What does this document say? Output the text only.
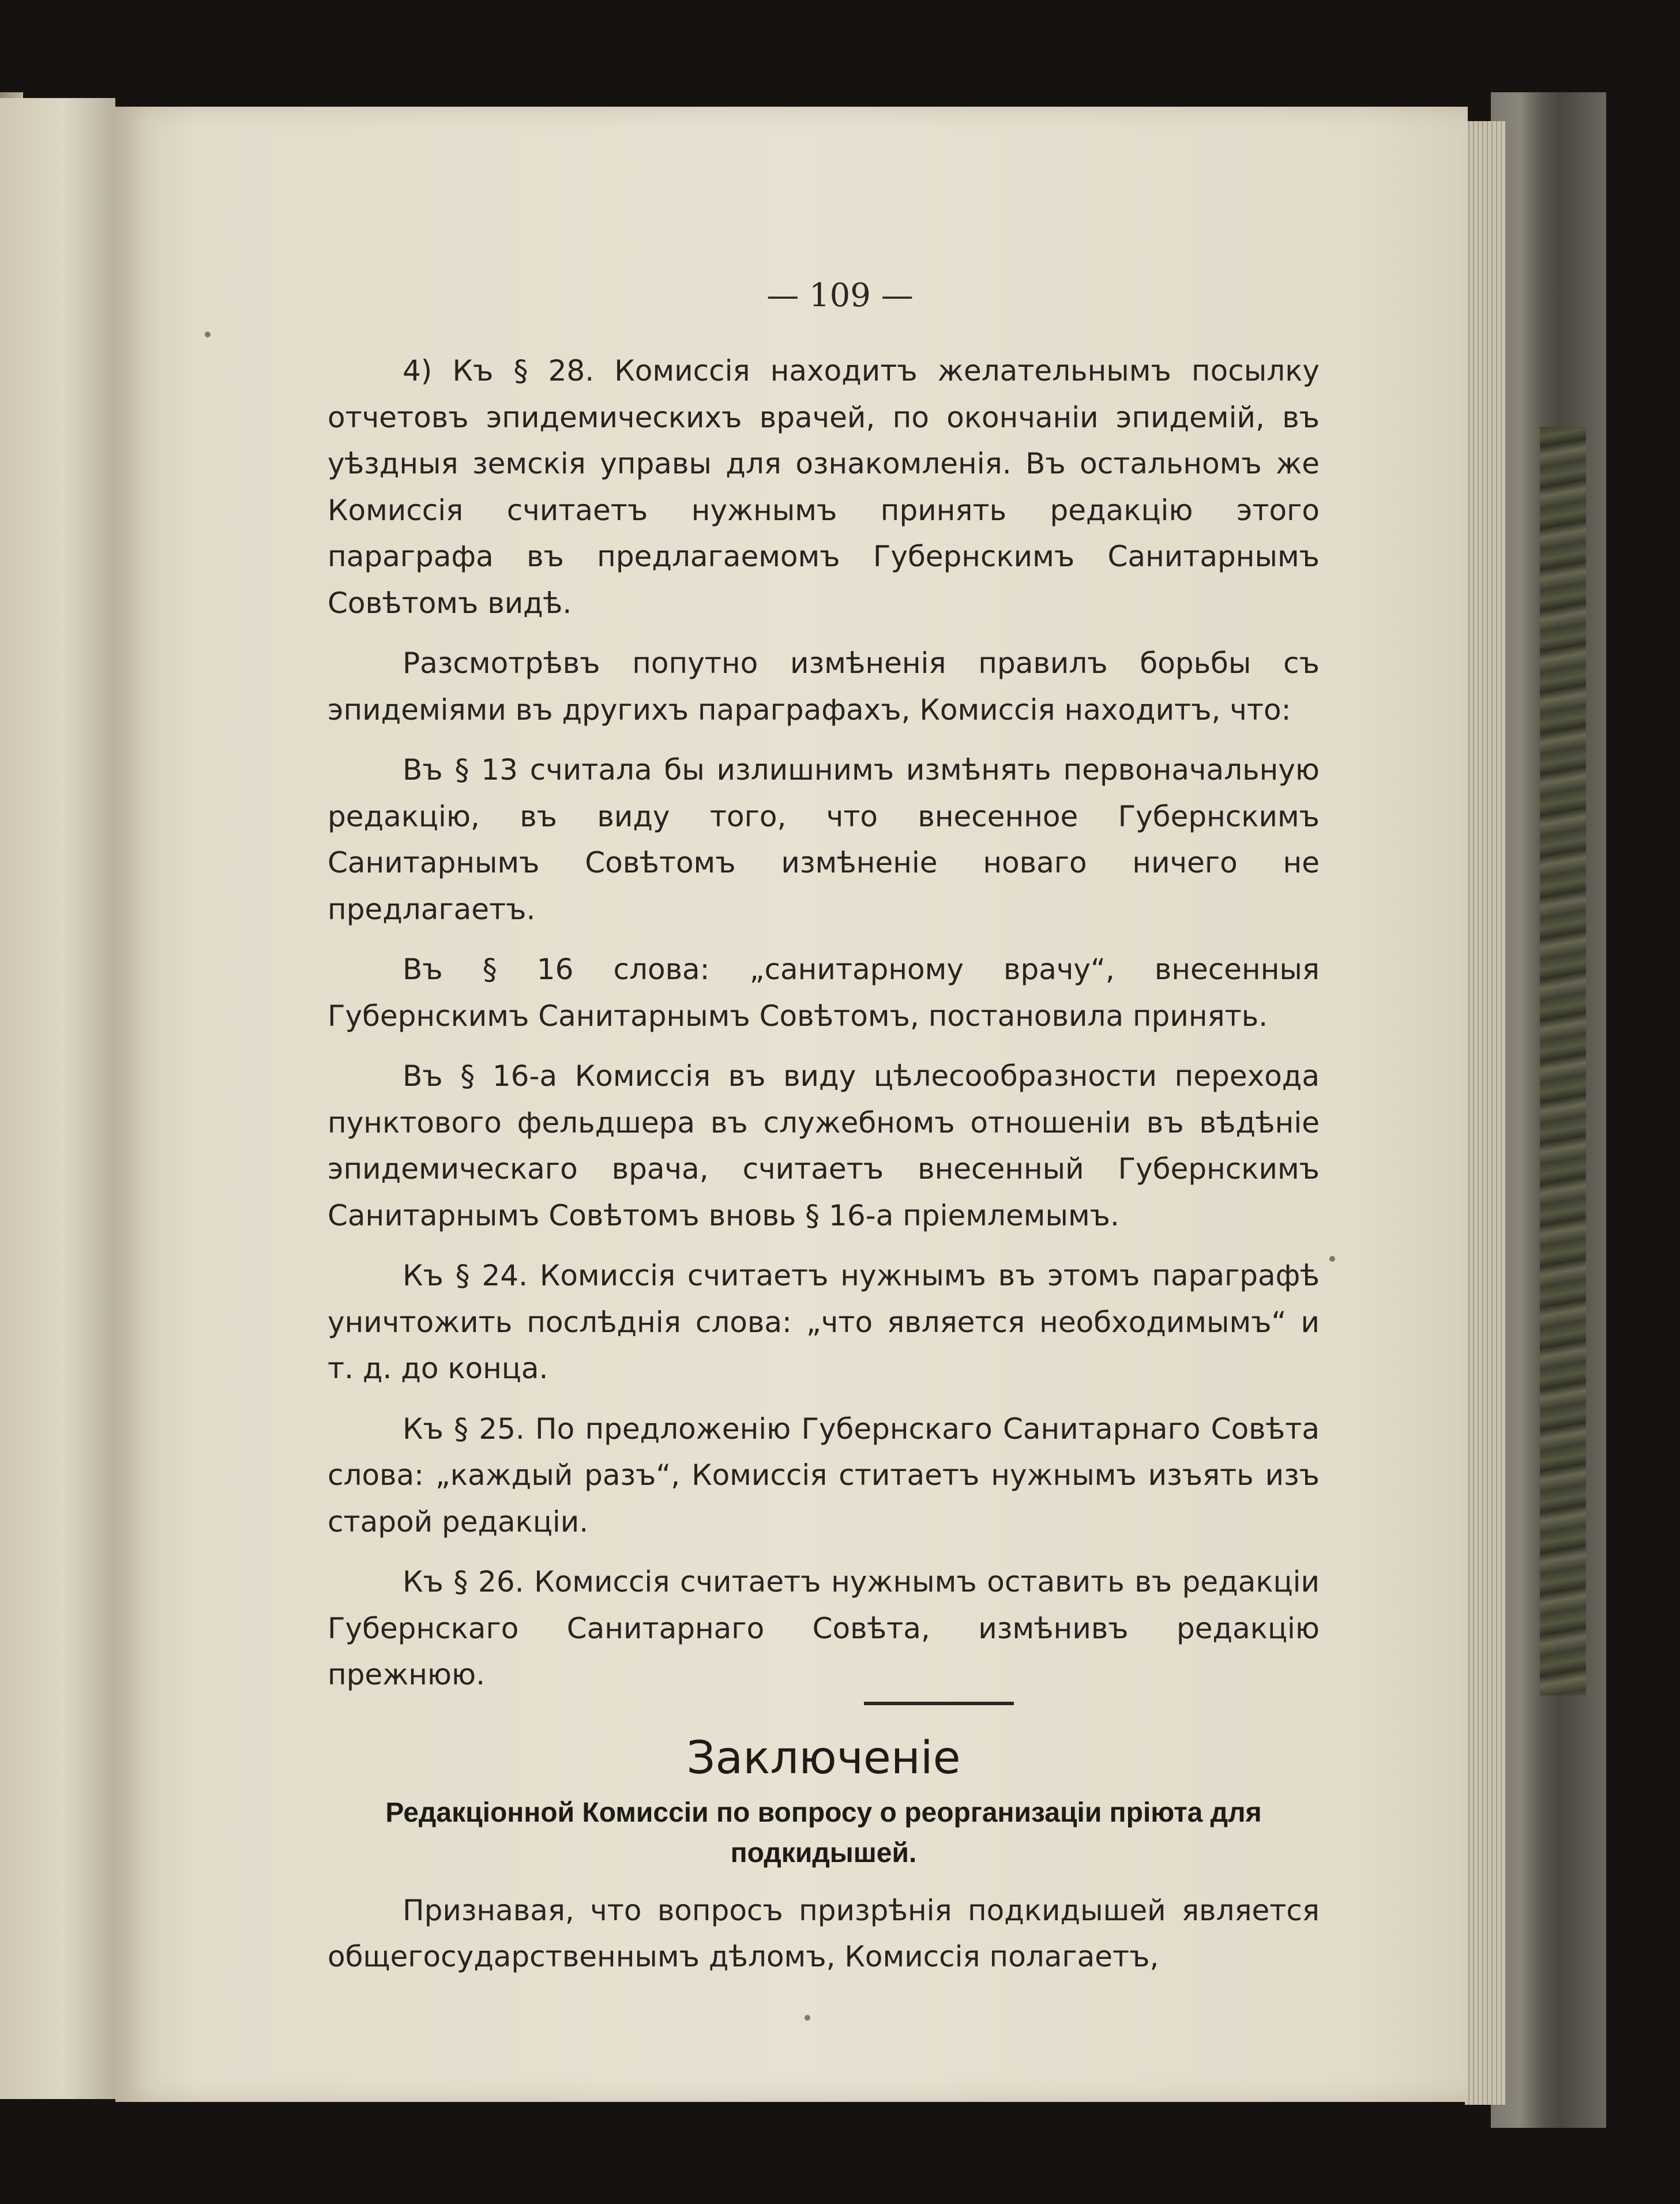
— 109 —

4) Къ § 28. Комиссія находитъ желательнымъ посылку отчетовъ эпидемическихъ врачей, по окончаніи эпидемій, въ уѣздныя земскія управы для ознакомленія. Въ остальномъ же Комиссія считаетъ нужнымъ принять редакцію этого параграфа въ предлагаемомъ Губернскимъ Санитарнымъ Совѣтомъ видѣ.

Разсмотрѣвъ попутно измѣненія правилъ борьбы съ эпидеміями въ другихъ параграфахъ, Комиссія находитъ, что:

Въ § 13 считала бы излишнимъ измѣнять первоначальную редакцію, въ виду того, что внесенное Губернскимъ Санитарнымъ Совѣтомъ измѣненіе новаго ничего не предлагаетъ.

Въ § 16 слова: „санитарному врачу“, внесенныя Губернскимъ Санитарнымъ Совѣтомъ, постановила принять.

Въ § 16-а Комиссія въ виду цѣлесообразности перехода пунктового фельдшера въ служебномъ отношеніи въ вѣдѣніе эпидемическаго врача, считаетъ внесенный Губернскимъ Санитарнымъ Совѣтомъ вновь § 16-а пріемлемымъ.

Къ § 24. Комиссія считаетъ нужнымъ въ этомъ параграфѣ уничтожить послѣднія слова: „что является необходимымъ“ и т. д. до конца.

Къ § 25. По предложенію Губернскаго Санитарнаго Совѣта слова: „каждый разъ“, Комиссія ститаетъ нужнымъ изъять изъ старой редакціи.

Къ § 26. Комиссія считаетъ нужнымъ оставить въ редакціи Губернскаго Санитарнаго Совѣта, измѣнивъ редакцію прежнюю.

Заключеніе
Редакціонной Комиссіи по вопросу о реорганизаціи пріюта для подкидышей.

Признавая, что вопросъ призрѣнія подкидышей является общегосударственнымъ дѣломъ, Комиссія полагаетъ,
